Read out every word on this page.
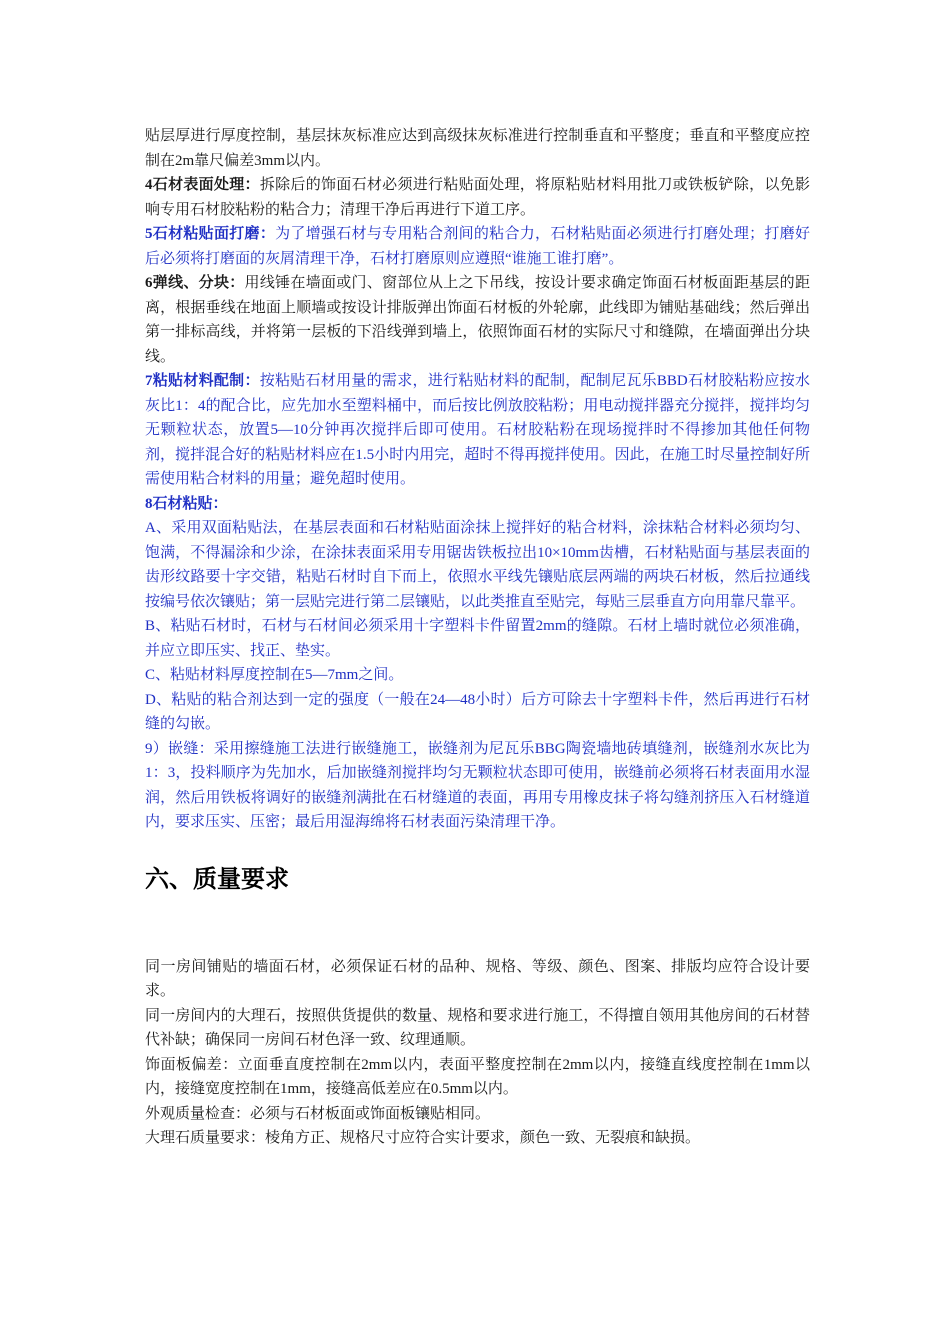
贴层厚进行厚度控制，基层抹灰标准应达到高级抹灰标准进行控制垂直和平整度；垂直和平整度应控制在2m靠尺偏差3mm以内。

4石材表面处理：拆除后的饰面石材必须进行粘贴面处理，将原粘贴材料用批刀或铁板铲除，以免影响专用石材胶粘粉的粘合力；清理干净后再进行下道工序。

5石材粘贴面打磨：为了增强石材与专用粘合剂间的粘合力，石材粘贴面必须进行打磨处理；打磨好后必须将打磨面的灰屑清理干净，石材打磨原则应遵照“谁施工谁打磨”。

6弹线、分块：用线锤在墙面或门、窗部位从上之下吊线，按设计要求确定饰面石材板面距基层的距离，根据垂线在地面上顺墙或按设计排版弹出饰面石材板的外轮廓，此线即为铺贴基础线；然后弹出第一排标高线，并将第一层板的下沿线弹到墙上，依照饰面石材的实际尺寸和缝隙，在墙面弹出分块线。

7粘贴材料配制：按粘贴石材用量的需求，进行粘贴材料的配制，配制尼瓦乐BBD石材胶粘粉应按水灰比1：4的配合比，应先加水至塑料桶中，而后按比例放胶粘粉；用电动搅拌器充分搅拌，搅拌均匀无颗粒状态，放置5—10分钟再次搅拌后即可使用。石材胶粘粉在现场搅拌时不得掺加其他任何物剂，搅拌混合好的粘贴材料应在1.5小时内用完，超时不得再搅拌使用。因此，在施工时尽量控制好所需使用粘合材料的用量；避免超时使用。

8石材粘贴：

A、采用双面粘贴法，在基层表面和石材粘贴面涂抹上搅拌好的粘合材料，涂抹粘合材料必须均匀、饱满，不得漏涂和少涂，在涂抹表面采用专用锯齿铁板拉出10×10mm齿槽，石材粘贴面与基层表面的齿形纹路要十字交错，粘贴石材时自下而上，依照水平线先镶贴底层两端的两块石材板，然后拉通线按编号依次镶贴；第一层贴完进行第二层镶贴，以此类推直至贴完，每贴三层垂直方向用靠尺靠平。

B、粘贴石材时，石材与石材间必须采用十字塑料卡件留置2mm的缝隙。石材上墙时就位必须准确，并应立即压实、找正、垫实。

C、粘贴材料厚度控制在5—7mm之间。

D、粘贴的粘合剂达到一定的强度（一般在24—48小时）后方可除去十字塑料卡件，然后再进行石材缝的勾嵌。

9）嵌缝：采用擦缝施工法进行嵌缝施工，嵌缝剂为尼瓦乐BBG陶瓷墙地砖填缝剂，嵌缝剂水灰比为1：3，投料顺序为先加水，后加嵌缝剂搅拌均匀无颗粒状态即可使用，嵌缝前必须将石材表面用水湿润，然后用铁板将调好的嵌缝剂满批在石材缝道的表面，再用专用橡皮抹子将勾缝剂挤压入石材缝道内，要求压实、压密；最后用湿海绵将石材表面污染清理干净。

六、质量要求

同一房间铺贴的墙面石材，必须保证石材的品种、规格、等级、颜色、图案、排版均应符合设计要求。

同一房间内的大理石，按照供货提供的数量、规格和要求进行施工，不得擅自领用其他房间的石材替代补缺；确保同一房间石材色泽一致、纹理通顺。

饰面板偏差：立面垂直度控制在2mm以内，表面平整度控制在2mm以内，接缝直线度控制在1mm以内，接缝宽度控制在1mm，接缝高低差应在0.5mm以内。

外观质量检查：必须与石材板面或饰面板镶贴相同。

大理石质量要求：棱角方正、规格尺寸应符合实计要求，颜色一致、无裂痕和缺损。
